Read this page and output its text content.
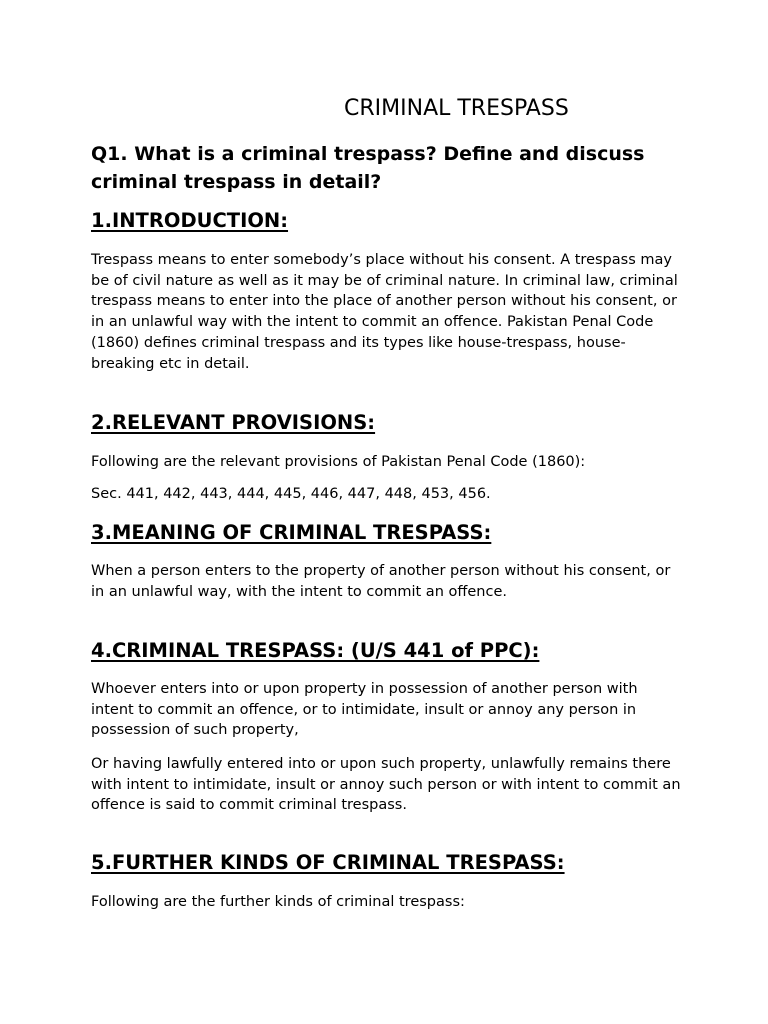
CRIMINAL TRESPASS

Q1. What is a criminal trespass? Define and discuss criminal trespass in detail?

1.INTRODUCTION:

Trespass means to enter somebody’s place without his consent. A trespass may be of civil nature as well as it may be of criminal nature. In criminal law, criminal trespass means to enter into the place of another person without his consent, or in an unlawful way with the intent to commit an offence. Pakistan Penal Code (1860) defines criminal trespass and its types like house-trespass, house-breaking etc in detail.

2.RELEVANT PROVISIONS:

Following are the relevant provisions of Pakistan Penal Code (1860):

Sec. 441, 442, 443, 444, 445, 446, 447, 448, 453, 456.

3.MEANING OF CRIMINAL TRESPASS:

When a person enters to the property of another person without his consent, or in an unlawful way, with the intent to commit an offence.

4.CRIMINAL TRESPASS: (U/S 441 of PPC):

Whoever enters into or upon property in possession of another person with intent to commit an offence, or to intimidate, insult or annoy any person in possession of such property,

Or having lawfully entered into or upon such property, unlawfully remains there with intent to intimidate, insult or annoy such person or with intent to commit an offence is said to commit criminal trespass.

5.FURTHER KINDS OF CRIMINAL TRESPASS:

Following are the further kinds of criminal trespass:
